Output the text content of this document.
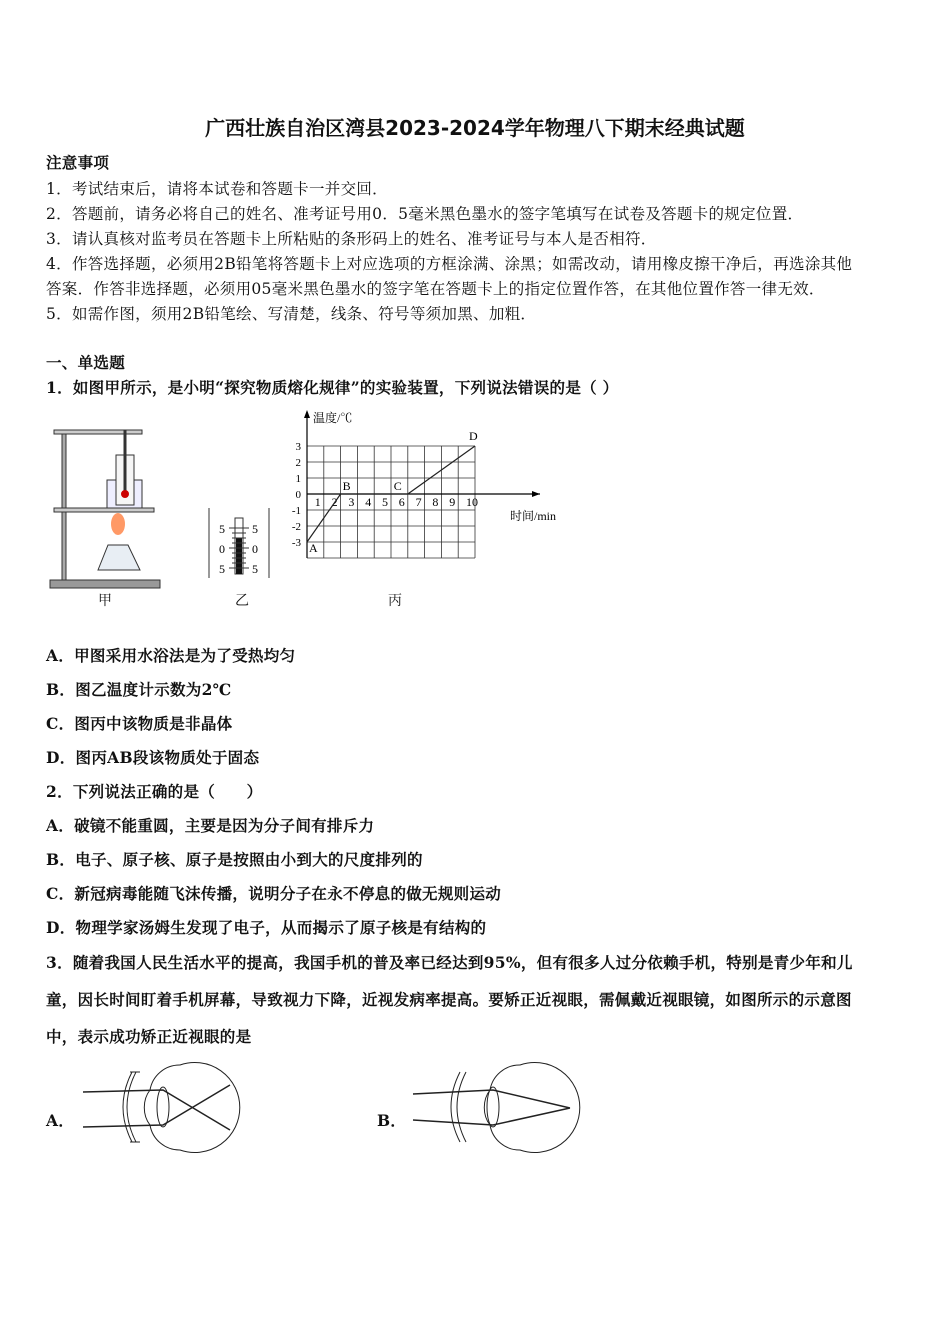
广西壮族自治区湾县2023-2024学年物理八下期末经典试题
注意事项
1．考试结束后，请将本试卷和答题卡一并交回．
2．答题前，请务必将自己的姓名、准考证号用0．5毫米黑色墨水的签字笔填写在试卷及答题卡的规定位置．
3．请认真核对监考员在答题卡上所粘贴的条形码上的姓名、准考证号与本人是否相符．
4．作答选择题，必须用2B铅笔将答题卡上对应选项的方框涂满、涂黑；如需改动，请用橡皮擦干净后，再选涂其他
答案．作答非选择题，必须用05毫米黑色墨水的签字笔在答题卡上的指定位置作答，在其他位置作答一律无效．
5．如需作图，须用2B铅笔绘、写清楚，线条、符号等须加黑、加粗．
一、单选题
1．如图甲所示，是小明“探究物质熔化规律”的实验装置，下列说法错误的是（ ）
5
0
5
5
0
5
温度/℃
时间/min
1 2 3 4 5 6 7 8 9 10
3
2
1
0
-1
-2
-3 A
B	C
D
甲	乙	丙
A．甲图采用水浴法是为了受热均匀
B．图乙温度计示数为2℃
C．图丙中该物质是非晶体
D．图丙AB段该物质处于固态
2．下列说法正确的是（　　）
A．破镜不能重圆，主要是因为分子间有排斥力
B．电子、原子核、原子是按照由小到大的尺度排列的
C．新冠病毒能随飞沫传播，说明分子在永不停息的做无规则运动
D．物理学家汤姆生发现了电子，从而揭示了原子核是有结构的
3．随着我国人民生活水平的提高，我国手机的普及率已经达到95%，但有很多人过分依赖手机，特别是青少年和儿
童，因长时间盯着手机屏幕，导致视力下降，近视发病率提高。要矫正近视眼，需佩戴近视眼镜，如图所示的示意图
中，表示成功矫正近视眼的是
A．	B．
